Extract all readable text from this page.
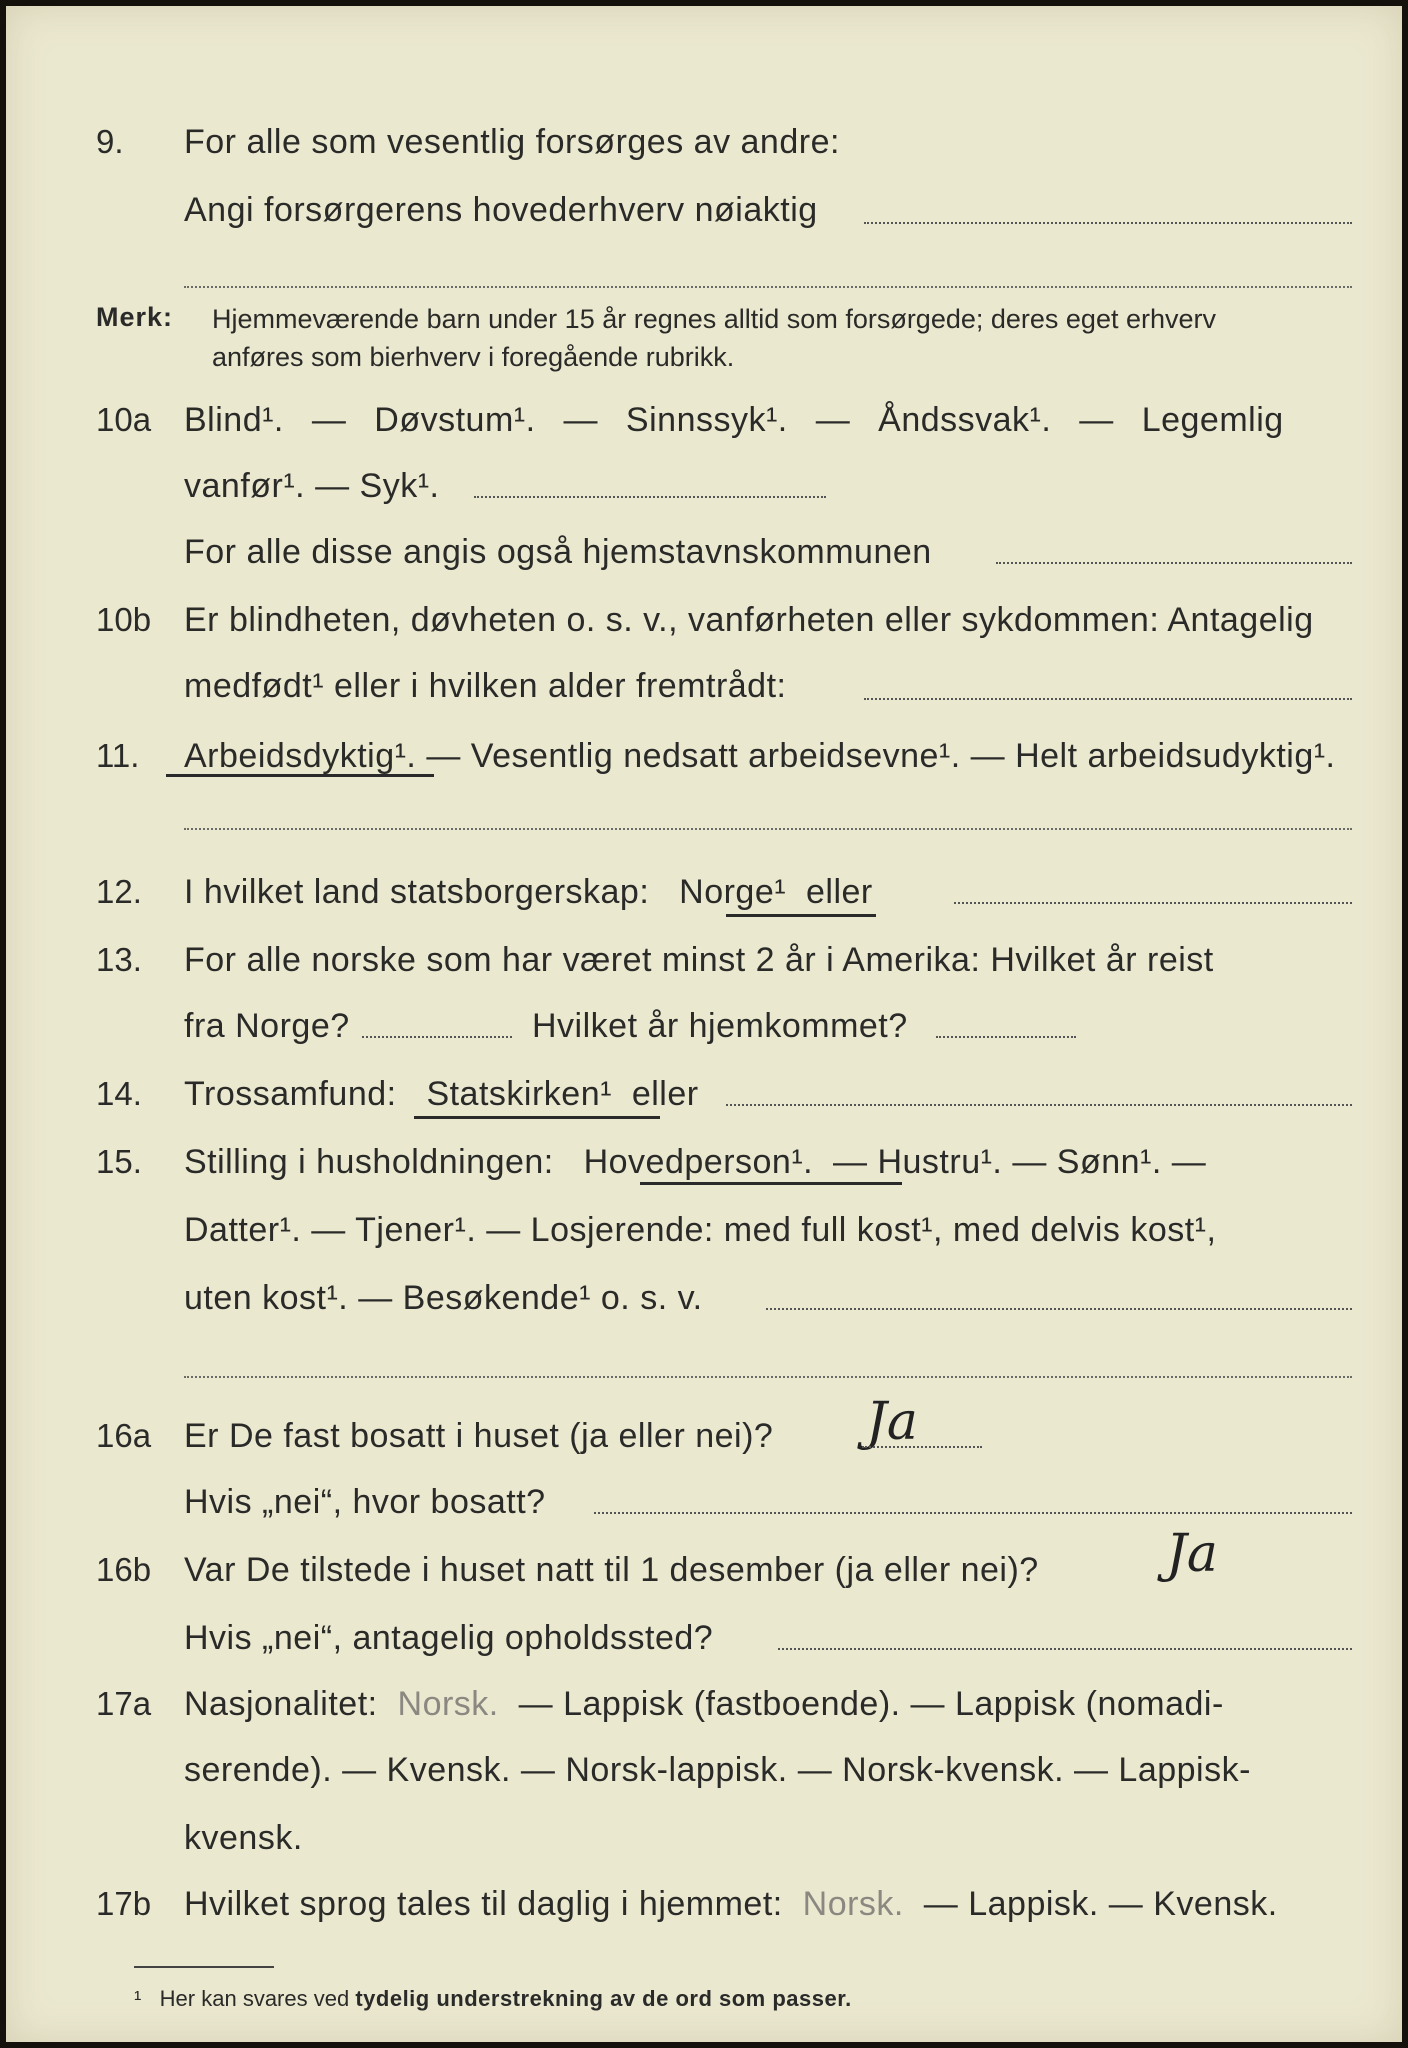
9.	For alle som vesentlig forsørges av andre:
Angi forsørgerens hovederhverv nøiaktig
Merk: Hjemmeværende barn under 15 år regnes alltid som forsørgede; deres eget erhverv
anføres som bierhverv i foregående rubrikk.
10a Blind¹. — Døvstum¹. — Sinnssyk¹. — Åndssvak¹. — Legemlig
vanfør¹. — Syk¹.
For alle disse angis også hjemstavnskommunen
10b Er blindheten, døvheten o. s. v., vanførheten eller sykdommen: Antagelig
medfødt¹ eller i hvilken alder fremtrådt:
11.	Arbeidsdyktig¹. — Vesentlig nedsatt arbeidsevne¹. — Helt arbeidsudyktig¹.
12.	I hvilket land statsborgerskap: Norge¹ eller
13.	For alle norske som har været minst 2 år i Amerika: Hvilket år reist
fra Norge?	Hvilket år hjemkommet?
14.	Trossamfund: Statskirken¹ eller
15.	Stilling i husholdningen: Hovedperson¹. — Hustru¹. — Sønn¹. —
Datter¹. — Tjener¹. — Losjerende: med full kost¹, med delvis kost¹,
uten kost¹. — Besøkende¹ o. s. v.
16a Er De fast bosatt i huset (ja eller nei)? Ja
Hvis „nei“, hvor bosatt?
16b Var De tilstede i huset natt til 1 desember (ja eller nei)? Ja
Hvis „nei“, antagelig opholdssted?
17a Nasjonalitet: Norsk. — Lappisk (fastboende). — Lappisk (nomadi-
serende). — Kvensk. — Norsk-lappisk. — Norsk-kvensk. — Lappisk-
kvensk.
17b Hvilket sprog tales til daglig i hjemmet: Norsk. — Lappisk. — Kvensk.
¹ Her kan svares ved tydelig understrekning av de ord som passer.
